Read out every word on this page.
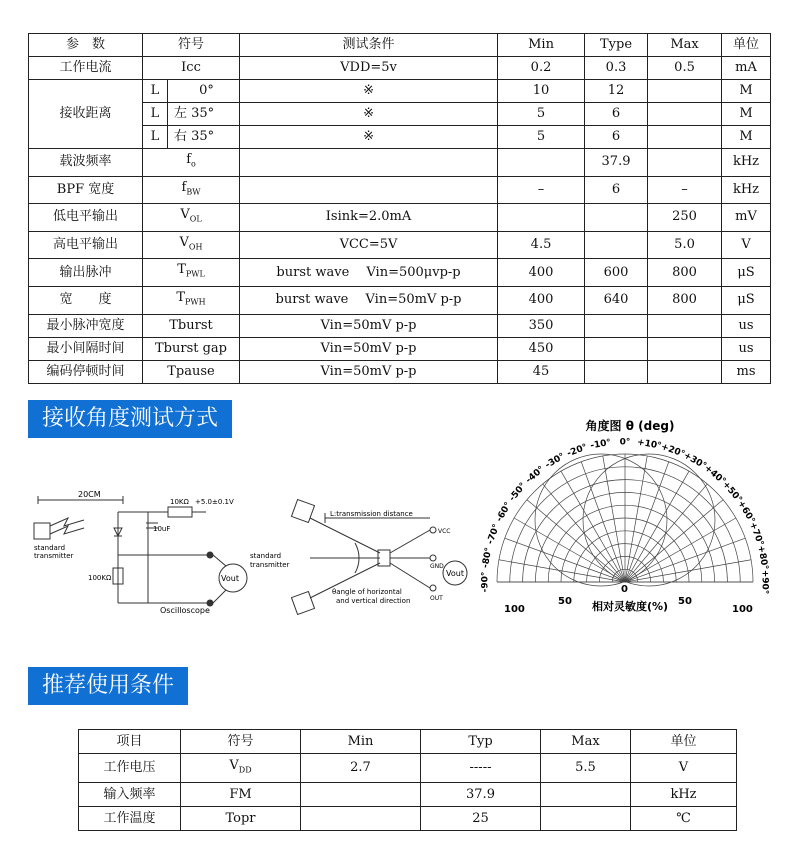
参　数	符号		测试条件	Min	Type	Max	单位
工作电流	Icc		VDD=5v	0.2	0.3	0.5	mA
接收距离	L	0°	※	10	12		M
	L	左 35°	※	5	6		M
	L	右 35°	※	5	6		M
载波频率	$f_o$				37.9		kHz
BPF 宽度	$f_{BW}$			–	6	–	kHz
低电平输出	$V_{OL}$		Isink=2.0mA			250	mV
高电平输出	$V_{OH}$		VCC=5V	4.5		5.0	V
输出脉冲	$T_{PWL}$		burst wave　 Vin=500μvp-p	400	600	800	μS
宽　　度	$T_{PWH}$		burst wave　 Vin=50mV p-p	400	640	800	μS
最小脉冲宽度	Tburst		Vin=50mV p-p	350			us
最小间隔时间	Tburst gap		Vin=50mV p-p	450			us
编码停顿时间	Tpause		Vin=50mV p-p	45			ms
接收角度测试方式
20CM
10KΩ +5.0±0.1V
10uF
100KΩ
standard
transmitter
Vout
Oscilloscope
L:transmission distance
VCC
GND
OUT
Vout
standard
transmitter
θangle of horizontal
and vertical direction
角度图 θ (deg)
-90°
-80°
-70°
-60°
-50°
-40°
-30°
-20° -10° 0° +10°
+20°
+30°
+40°
+50°
+60°
+70°
+80°
+90°
100
50
0
50
100
相对灵敏度(%)
推荐使用条件
项目	符号	Min	Typ	Max	单位
工作电压	$V_{DD}$	2.7	-----	5.5	V
输入频率	FM		37.9		kHz
工作温度	Topr		25		℃
